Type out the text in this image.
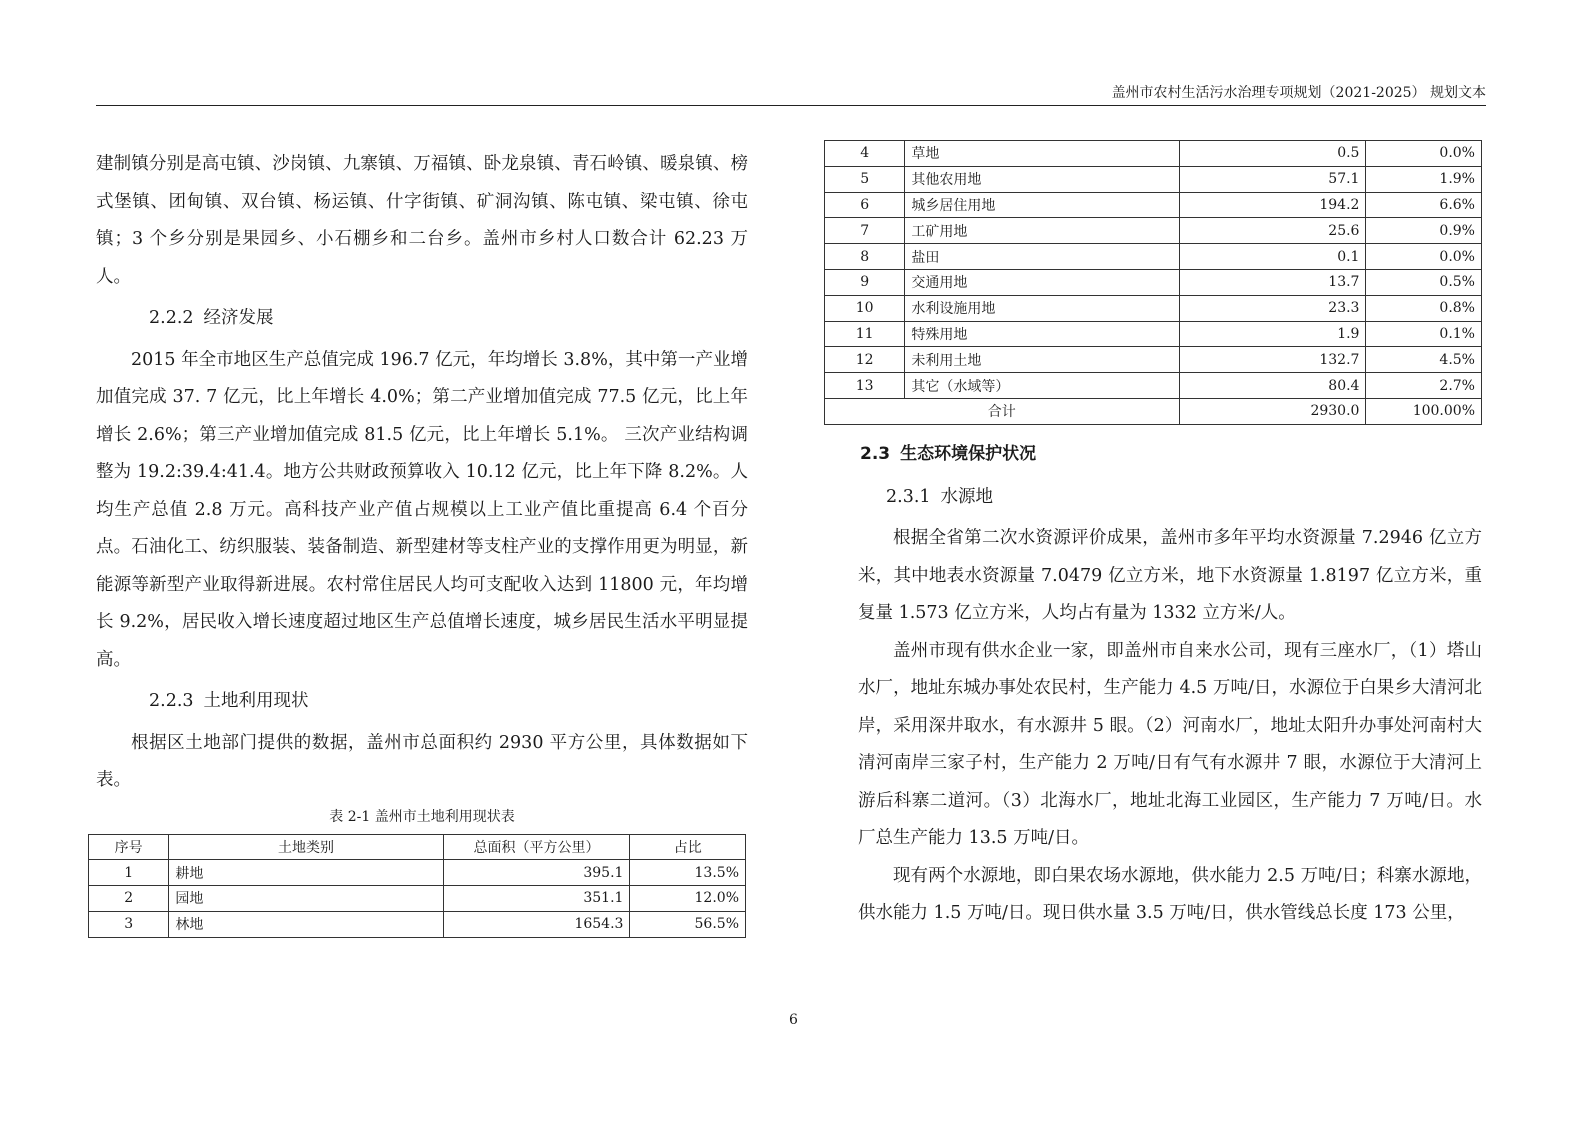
盖州市农村生活污水治理专项规划（2021-2025） 规划文本

建制镇分别是高屯镇、沙岗镇、九寨镇、万福镇、卧龙泉镇、青石岭镇、暖泉镇、榜式堡镇、团甸镇、双台镇、杨运镇、什字街镇、矿洞沟镇、陈屯镇、梁屯镇、徐屯镇；3 个乡分别是果园乡、小石棚乡和二台乡。盖州市乡村人口数合计 62.23 万人。

2.2.2 经济发展

2015 年全市地区生产总值完成 196.7 亿元，年均增长 3.8%，其中第一产业增加值完成 37. 7 亿元，比上年增长 4.0%；第二产业增加值完成 77.5 亿元，比上年增长 2.6%；第三产业增加值完成 81.5 亿元，比上年增长 5.1%。 三次产业结构调整为 19.2:39.4:41.4。地方公共财政预算收入 10.12 亿元，比上年下降 8.2%。人均生产总值 2.8 万元。高科技产业产值占规模以上工业产值比重提高 6.4 个百分点。石油化工、纺织服装、装备制造、新型建材等支柱产业的支撑作用更为明显，新能源等新型产业取得新进展。农村常住居民人均可支配收入达到 11800 元，年均增长 9.2%，居民收入增长速度超过地区生产总值增长速度，城乡居民生活水平明显提高。

2.2.3 土地利用现状

根据区土地部门提供的数据，盖州市总面积约 2930 平方公里，具体数据如下表。

表 2-1 盖州市土地利用现状表
序号	土地类别	总面积（平方公里）	占比
1	耕地	395.1	13.5%
2	园地	351.1	12.0%
3	林地	1654.3	56.5%
4	草地	0.5	0.0%
5	其他农用地	57.1	1.9%
6	城乡居住用地	194.2	6.6%
7	工矿用地	25.6	0.9%
8	盐田	0.1	0.0%
9	交通用地	13.7	0.5%
10	水利设施用地	23.3	0.8%
11	特殊用地	1.9	0.1%
12	未利用土地	132.7	4.5%
13	其它（水域等）	80.4	2.7%
合计		2930.0	100.00%
2.3 生态环境保护状况
2.3.1 水源地

根据全省第二次水资源评价成果，盖州市多年平均水资源量 7.2946 亿立方米，其中地表水资源量 7.0479 亿立方米，地下水资源量 1.8197 亿立方米，重复量 1.573 亿立方米，人均占有量为 1332 立方米/人。

盖州市现有供水企业一家，即盖州市自来水公司，现有三座水厂，（1）塔山水厂，地址东城办事处农民村，生产能力 4.5 万吨/日，水源位于白果乡大清河北岸，采用深井取水，有水源井 5 眼。（2）河南水厂，地址太阳升办事处河南村大清河南岸三家子村，生产能力 2 万吨/日有气有水源井 7 眼，水源位于大清河上游后科寨二道河。（3）北海水厂，地址北海工业园区，生产能力 7 万吨/日。水厂总生产能力 13.5 万吨/日。

现有两个水源地，即白果农场水源地，供水能力 2.5 万吨/日；科寨水源地，供水能力 1.5 万吨/日。现日供水量 3.5 万吨/日，供水管线总长度 173 公里，

6
